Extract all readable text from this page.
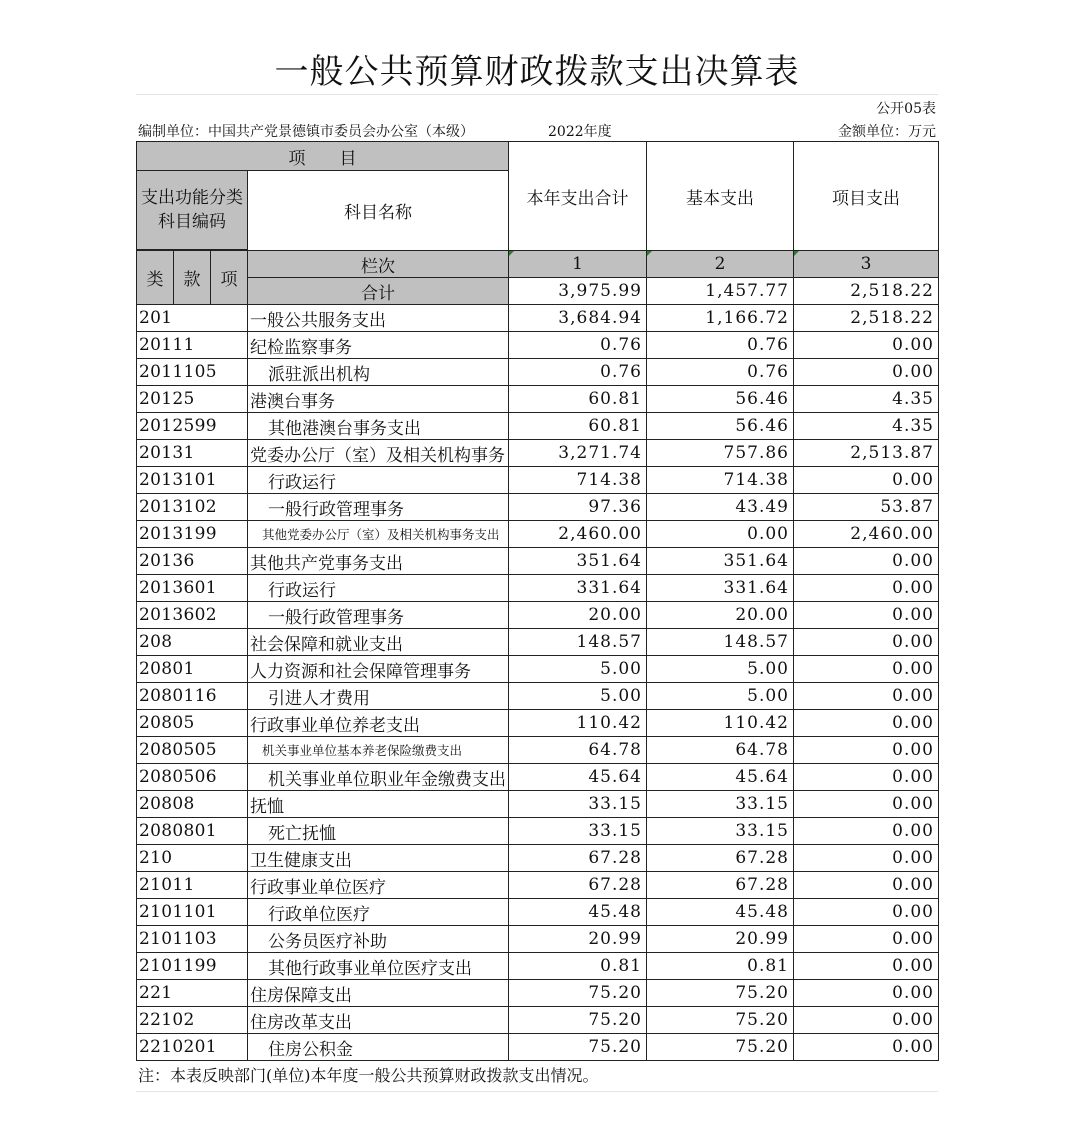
一般公共预算财政拨款支出决算表
公开05表
编制单位：中国共产党景德镇市委员会办公室（本级）	2022年度	金额单位：万元
项　　目				本年支出合计	基本支出	项目支出
支出功能分类科目编码			科目名称			

类	款	项	栏次	1	2	3
			合计	3,975.99	1,457.77	2,518.22
201			一般公共服务支出	3,684.94	1,166.72	2,518.22
20111			纪检监察事务	0.76	0.76	0.00
2011105			派驻派出机构	0.76	0.76	0.00
20125			港澳台事务	60.81	56.46	4.35
2012599			其他港澳台事务支出	60.81	56.46	4.35
20131			党委办公厅（室）及相关机构事务	3,271.74	757.86	2,513.87
2013101			行政运行	714.38	714.38	0.00
2013102			一般行政管理事务	97.36	43.49	53.87
2013199			其他党委办公厅（室）及相关机构事务支出	2,460.00	0.00	2,460.00
20136			其他共产党事务支出	351.64	351.64	0.00
2013601			行政运行	331.64	331.64	0.00
2013602			一般行政管理事务	20.00	20.00	0.00
208			社会保障和就业支出	148.57	148.57	0.00
20801			人力资源和社会保障管理事务	5.00	5.00	0.00
2080116			引进人才费用	5.00	5.00	0.00
20805			行政事业单位养老支出	110.42	110.42	0.00
2080505			机关事业单位基本养老保险缴费支出	64.78	64.78	0.00
2080506			机关事业单位职业年金缴费支出	45.64	45.64	0.00
20808			抚恤	33.15	33.15	0.00
2080801			死亡抚恤	33.15	33.15	0.00
210			卫生健康支出	67.28	67.28	0.00
21011			行政事业单位医疗	67.28	67.28	0.00
2101101			行政单位医疗	45.48	45.48	0.00
2101103			公务员医疗补助	20.99	20.99	0.00
2101199			其他行政事业单位医疗支出	0.81	0.81	0.00
221			住房保障支出	75.20	75.20	0.00
22102			住房改革支出	75.20	75.20	0.00
2210201			住房公积金	75.20	75.20	0.00
注：本表反映部门(单位)本年度一般公共预算财政拨款支出情况。
